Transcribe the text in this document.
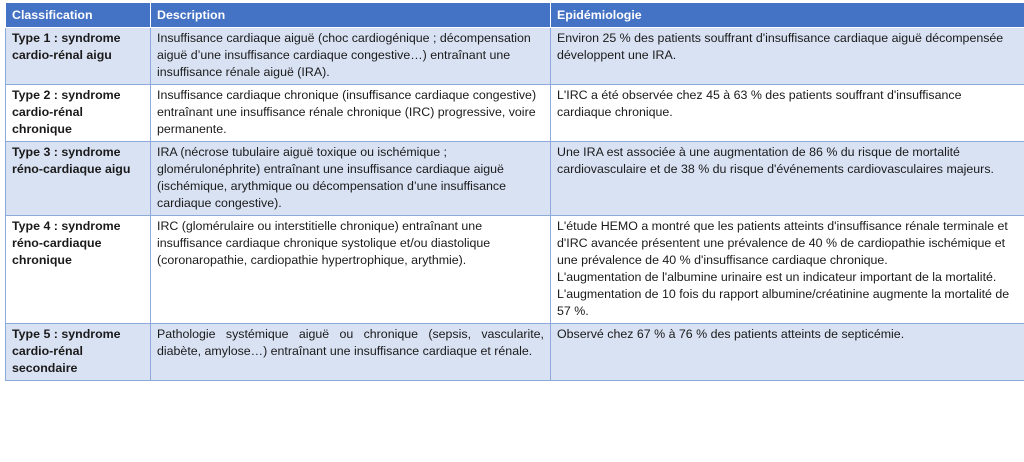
Classification	Description	Epidémiologie
Type 1 : syndrome cardio-rénal aigu	Insuffisance cardiaque aiguë (choc cardiogénique ; décompensation aiguë d’une insuffisance cardiaque congestive…) entraînant une insuffisance rénale aiguë (IRA).	Environ 25 % des patients souffrant d'insuffisance cardiaque aiguë décompensée développent une IRA.

Type 2 : syndrome cardio-rénal chronique	Insuffisance cardiaque chronique (insuffisance cardiaque congestive) entraînant une insuffisance rénale chronique (IRC) progressive, voire permanente.	L'IRC a été observée chez 45 à 63 % des patients souffrant d'insuffisance cardiaque chronique.

Type 3 : syndrome réno-cardiaque aigu	IRA (nécrose tubulaire aiguë toxique ou ischémique ; glomérulonéphrite) entraînant une insuffisance cardiaque aiguë (ischémique, arythmique ou décompensation d’une insuffisance cardiaque congestive).	Une IRA est associée à une augmentation de 86 % du risque de mortalité cardiovasculaire et de 38 % du risque d'événements cardiovasculaires majeurs.

Type 4 : syndrome réno-cardiaque chronique	IRC (glomérulaire ou interstitielle chronique) entraînant une insuffisance cardiaque chronique systolique et/ou diastolique (coronaropathie, cardiopathie hypertrophique, arythmie).	L'étude HEMO a montré que les patients atteints d'insuffisance rénale terminale et d'IRC avancée présentent une prévalence de 40 % de cardiopathie ischémique et une prévalence de 40 % d'insuffisance cardiaque chronique.
L'augmentation de l'albumine urinaire est un indicateur important de la mortalité. L'augmentation de 10 fois du rapport albumine/créatinine augmente la mortalité de 57 %.

Type 5 : syndrome cardio-rénal secondaire	Pathologie systémique aiguë ou chronique (sepsis, vascularite, diabète, amylose…) entraînant une insuffisance cardiaque et rénale.	Observé chez 67 % à 76 % des patients atteints de septicémie.
